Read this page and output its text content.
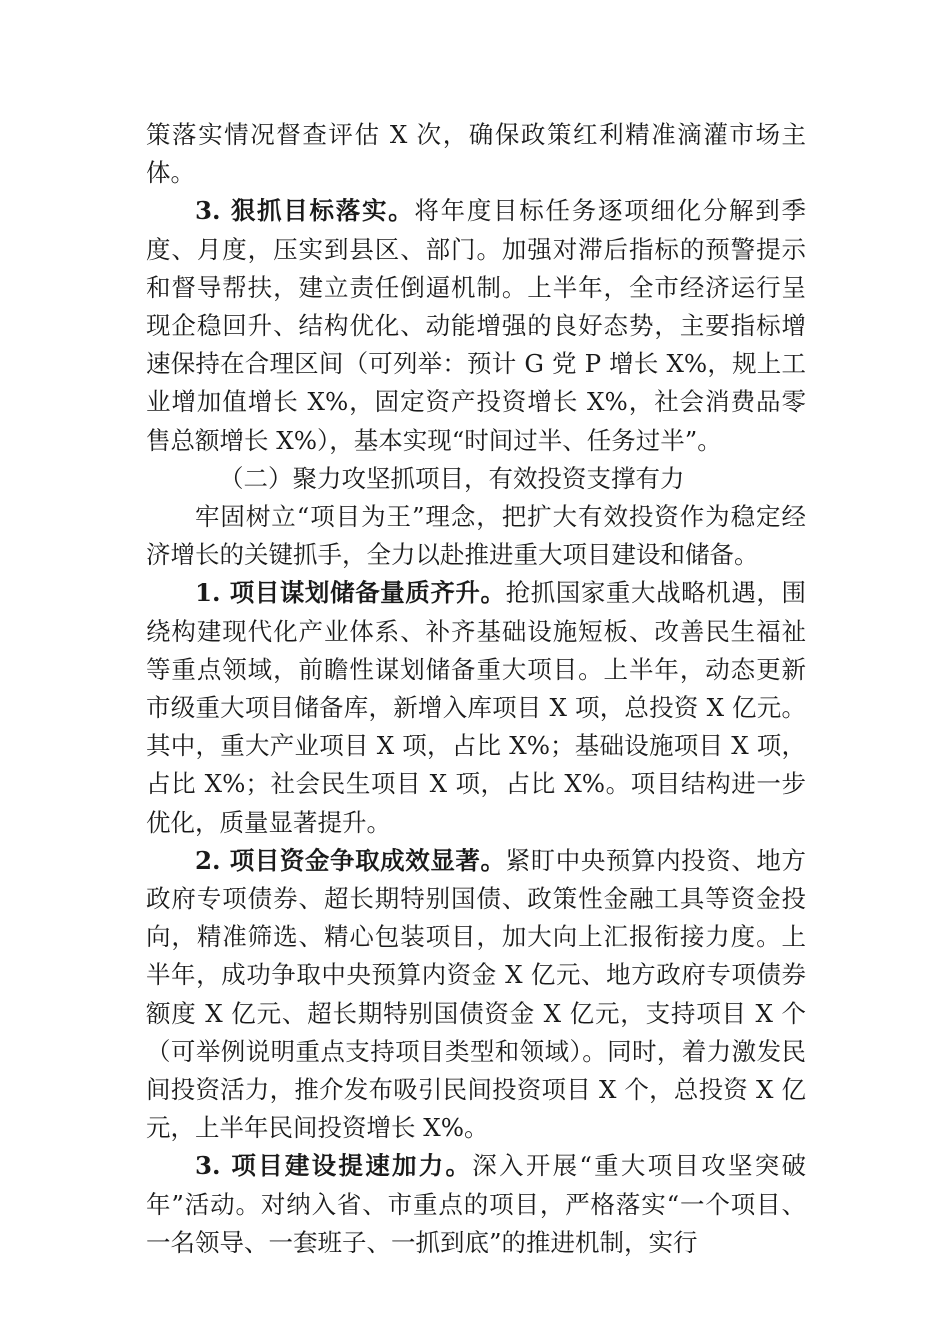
策落实情况督查评估 X 次，确保政策红利精准滴灌市场主体。

3. 狠抓目标落实。将年度目标任务逐项细化分解到季度、月度，压实到县区、部门。加强对滞后指标的预警提示和督导帮扶，建立责任倒逼机制。上半年，全市经济运行呈现企稳回升、结构优化、动能增强的良好态势，主要指标增速保持在合理区间（可列举：预计 G 党 P 增长 X%，规上工业增加值增长 X%，固定资产投资增长 X%，社会消费品零售总额增长 X%），基本实现“时间过半、任务过半”。

（二）聚力攻坚抓项目，有效投资支撑有力

牢固树立“项目为王”理念，把扩大有效投资作为稳定经济增长的关键抓手，全力以赴推进重大项目建设和储备。

1. 项目谋划储备量质齐升。抢抓国家重大战略机遇，围绕构建现代化产业体系、补齐基础设施短板、改善民生福祉等重点领域，前瞻性谋划储备重大项目。上半年，动态更新市级重大项目储备库，新增入库项目 X 项，总投资 X 亿元。其中，重大产业项目 X 项，占比 X%；基础设施项目 X 项，占比 X%；社会民生项目 X 项，占比 X%。项目结构进一步优化，质量显著提升。

2. 项目资金争取成效显著。紧盯中央预算内投资、地方政府专项债券、超长期特别国债、政策性金融工具等资金投向，精准筛选、精心包装项目，加大向上汇报衔接力度。上半年，成功争取中央预算内资金 X 亿元、地方政府专项债券额度 X 亿元、超长期特别国债资金 X 亿元，支持项目 X 个（可举例说明重点支持项目类型和领域）。同时，着力激发民间投资活力，推介发布吸引民间投资项目 X 个，总投资 X 亿元，上半年民间投资增长 X%。

3. 项目建设提速加力。深入开展“重大项目攻坚突破年”活动。对纳入省、市重点的项目，严格落实“一个项目、一名领导、一套班子、一抓到底”的推进机制，实行
